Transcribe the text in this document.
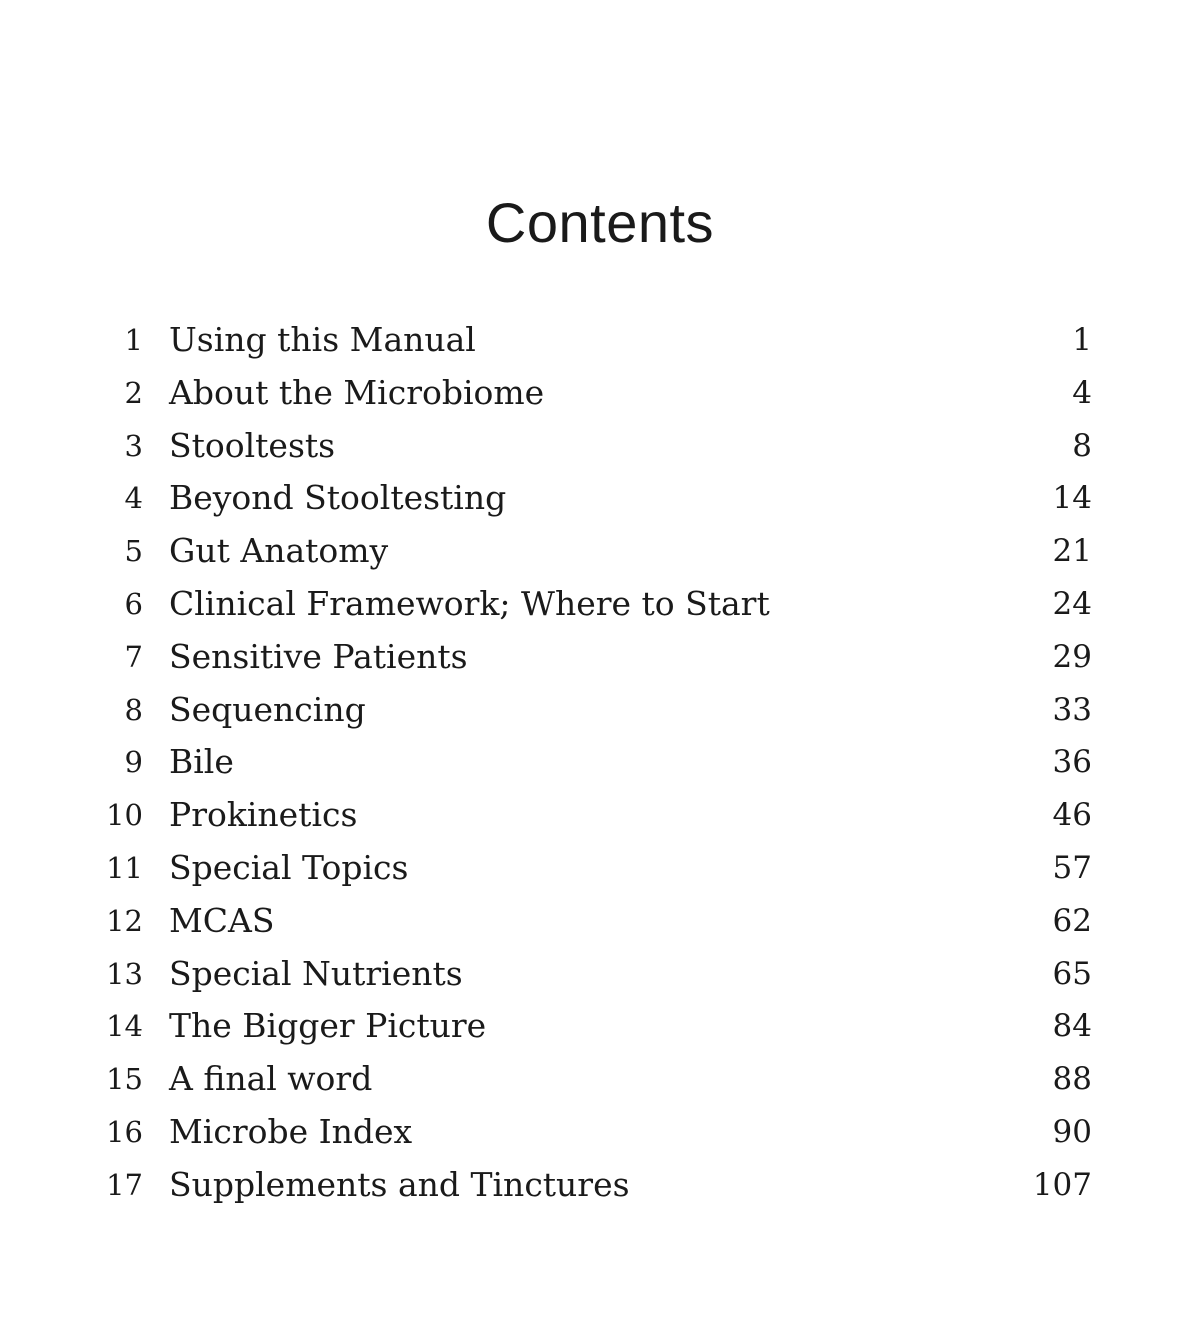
Contents
1 Using this Manual	1
2 About the Microbiome	4
3 Stooltests	8
4 Beyond Stooltesting	14
5 Gut Anatomy	21
6 Clinical Framework; Where to Start	24
7 Sensitive Patients	29
8 Sequencing	33
9 Bile	36
10 Prokinetics	46
11 Special Topics	57
12 MCAS	62
13 Special Nutrients	65
14 The Bigger Picture	84
15 A final word	88
16 Microbe Index	90
17 Supplements and Tinctures	107
